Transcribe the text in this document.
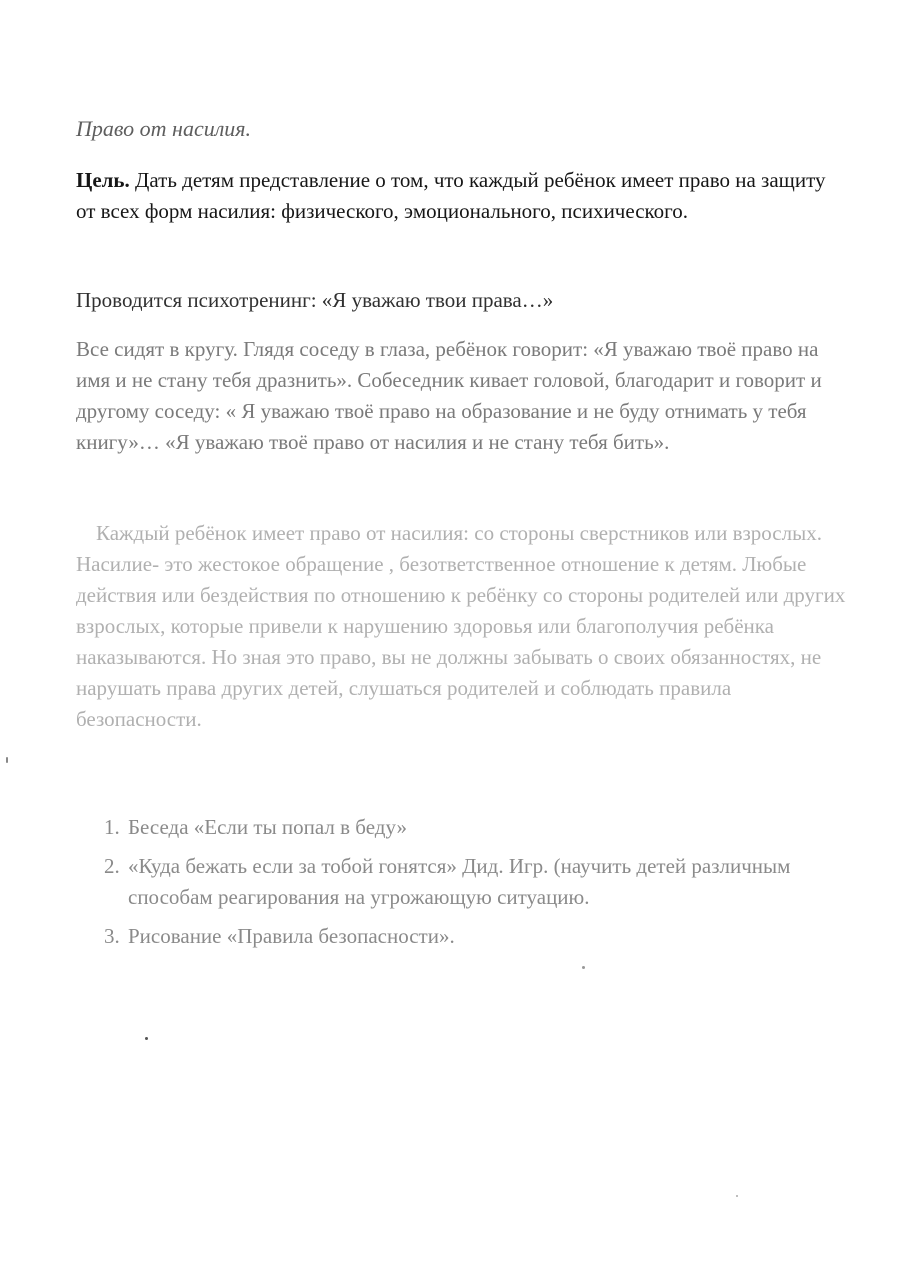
Право от насилия.

Цель. Дать детям представление о том, что каждый ребёнок имеет право на защиту от всех форм насилия: физического, эмоционального, психического.

Проводится психотренинг: «Я уважаю твои права…»

Все сидят в кругу. Глядя соседу в глаза, ребёнок говорит: «Я уважаю твоё право на имя и не стану тебя дразнить». Собеседник кивает головой, благодарит и говорит и другому соседу: « Я уважаю твоё право на образование и не буду отнимать у тебя книгу»… «Я уважаю твоё право от насилия и не стану тебя бить».

Каждый ребёнок имеет право от насилия: со стороны сверстников или взрослых. Насилие- это жестокое обращение , безответственное отношение к детям. Любые действия или бездействия по отношению к ребёнку со стороны родителей или других взрослых, которые привели к нарушению здоровья или благополучия ребёнка наказываются. Но зная это право, вы не должны забывать о своих обязанностях, не нарушать права других детей, слушаться родителей и соблюдать правила безопасности.

1. Беседа «Если ты попал в беду»
2. «Куда бежать если за тобой гонятся» Дид. Игр. (научить детей различным способам реагирования на угрожающую ситуацию.
3. Рисование «Правила безопасности».
